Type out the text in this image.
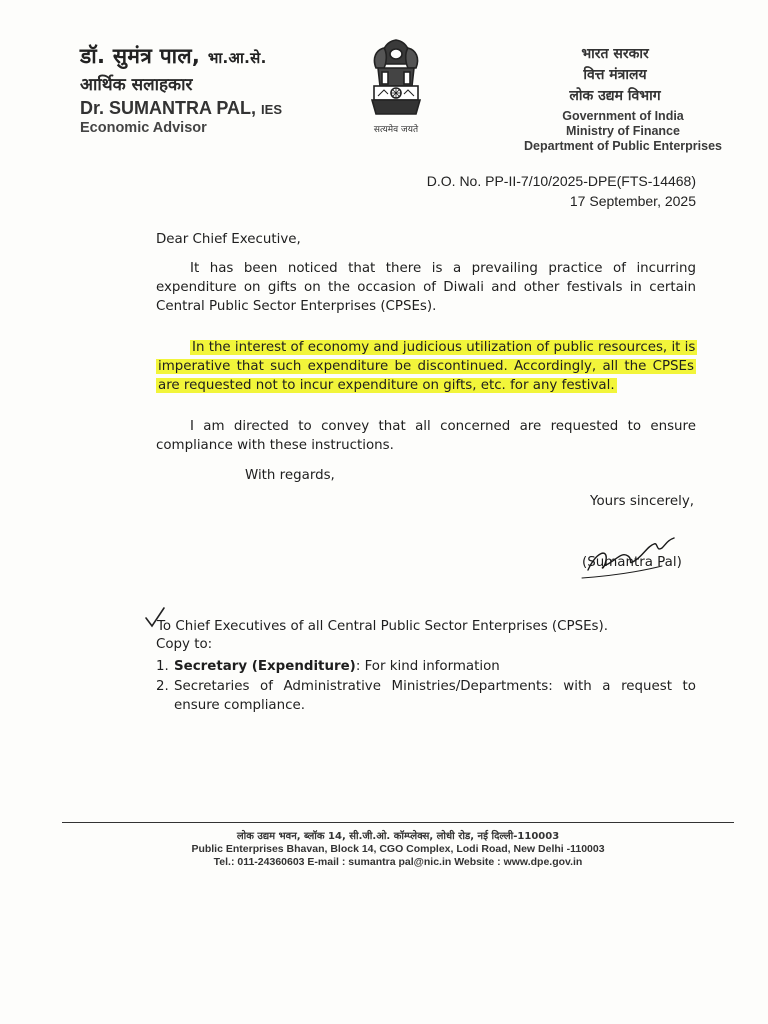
डॉ. सुमंत्र पाल, भा.आ.से.
आर्थिक सलाहकार
Dr. SUMANTRA PAL, IES
Economic Advisor	सत्यमेव जयते
भारत सरकार
वित्त मंत्रालय
लोक उद्यम विभाग
Government of India
Ministry of Finance
Department of Public Enterprises
D.O. No. PP-II-7/10/2025-DPE(FTS-14468)
17 September, 2025
Dear Chief Executive,
It has been noticed that there is a prevailing practice of incurring expenditure on gifts on the occasion of Diwali and other festivals in certain Central Public Sector Enterprises (CPSEs).
In the interest of economy and judicious utilization of public resources, it is imperative that such expenditure be discontinued. Accordingly, all the CPSEs are requested not to incur expenditure on gifts, etc. for any festival.
I am directed to convey that all concerned are requested to ensure compliance with these instructions.
With regards,
Yours sincerely,
(Sumantra Pal)
To Chief Executives of all Central Public Sector Enterprises (CPSEs).
Copy to:
1. Secretary (Expenditure): For kind information
2. Secretaries of Administrative Ministries/Departments: with a request to ensure compliance.
लोक उद्यम भवन, ब्लॉक 14, सी.जी.ओ. कॉम्प्लेक्स, लोधी रोड, नई दिल्ली-110003
Public Enterprises Bhavan, Block 14, CGO Complex, Lodi Road, New Delhi -110003
Tel.: 011-24360603 E-mail : sumantra pal@nic.in Website : www.dpe.gov.in
